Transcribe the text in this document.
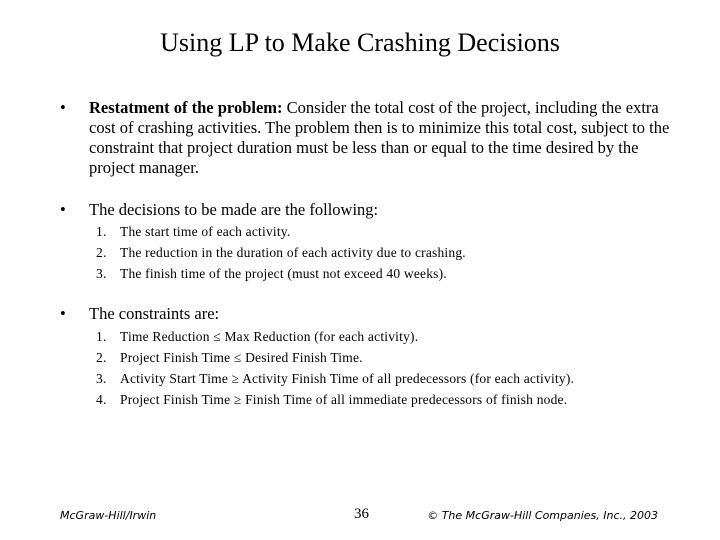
Using LP to Make Crashing Decisions
• Restatment of the problem: Consider the total cost of the project, including the extra cost of crashing activities. The problem then is to minimize this total cost, subject to the constraint that project duration must be less than or equal to the time desired by the project manager.
• The decisions to be made are the following:
1. The start time of each activity.
2. The reduction in the duration of each activity due to crashing.
3. The finish time of the project (must not exceed 40 weeks).
• The constraints are:
1. Time Reduction ≤ Max Reduction (for each activity).
2. Project Finish Time ≤ Desired Finish Time.
3. Activity Start Time ≥ Activity Finish Time of all predecessors (for each activity).
4. Project Finish Time ≥ Finish Time of all immediate predecessors of finish node.
McGraw-Hill/Irwin	36	© The McGraw-Hill Companies, Inc., 2003
